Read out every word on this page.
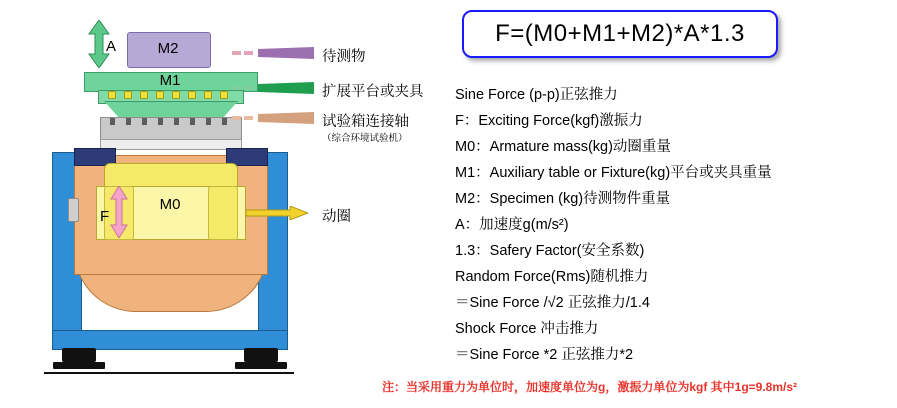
F=(M0+M1+M2)*A*1.3
Sine Force (p-p)正弦推力
F：Exciting Force(kgf)激振力
M0：Armature mass(kg)动圈重量
M1：Auxiliary table or Fixture(kg)平台或夹具重量
M2：Specimen (kg)待测物件重量
A：加速度g(m/s²)
1.3：Safery Factor(安全系数)
Random Force(Rms)随机推力
＝Sine Force /√2 正弦推力/1.4
Shock Force 冲击推力
＝Sine Force *2 正弦推力*2
注：当采用重力为单位时，加速度单位为g，激振力单位为kgf 其中1g=9.8m/s²
M2
A
M1
M0
F
待测物
扩展平台或夹具
试验箱连接轴
（综合环境试验机）
动圈
